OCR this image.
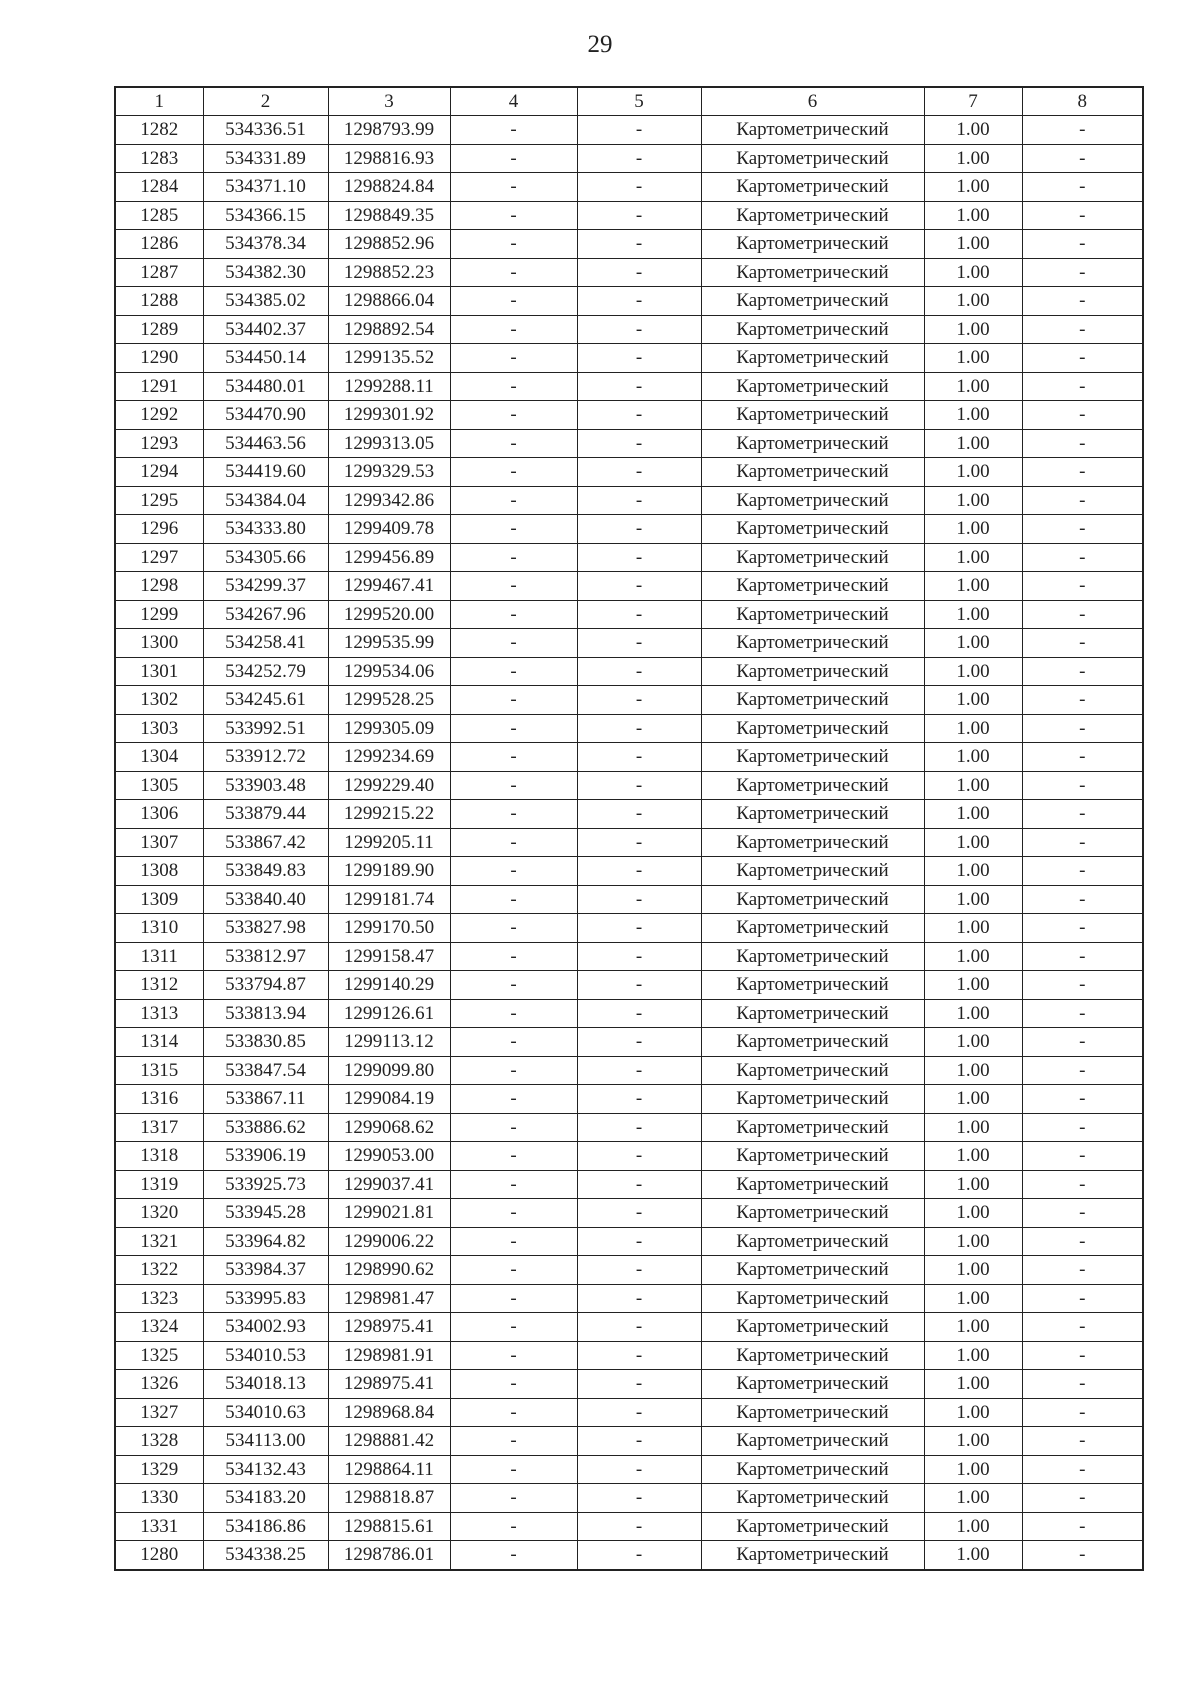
29
1	2	3	4	5	6	7	8
1282	534336.51	1298793.99	-	-	Картометрический	1.00	-
1283	534331.89	1298816.93	-	-	Картометрический	1.00	-
1284	534371.10	1298824.84	-	-	Картометрический	1.00	-
1285	534366.15	1298849.35	-	-	Картометрический	1.00	-
1286	534378.34	1298852.96	-	-	Картометрический	1.00	-
1287	534382.30	1298852.23	-	-	Картометрический	1.00	-
1288	534385.02	1298866.04	-	-	Картометрический	1.00	-
1289	534402.37	1298892.54	-	-	Картометрический	1.00	-
1290	534450.14	1299135.52	-	-	Картометрический	1.00	-
1291	534480.01	1299288.11	-	-	Картометрический	1.00	-
1292	534470.90	1299301.92	-	-	Картометрический	1.00	-
1293	534463.56	1299313.05	-	-	Картометрический	1.00	-
1294	534419.60	1299329.53	-	-	Картометрический	1.00	-
1295	534384.04	1299342.86	-	-	Картометрический	1.00	-
1296	534333.80	1299409.78	-	-	Картометрический	1.00	-
1297	534305.66	1299456.89	-	-	Картометрический	1.00	-
1298	534299.37	1299467.41	-	-	Картометрический	1.00	-
1299	534267.96	1299520.00	-	-	Картометрический	1.00	-
1300	534258.41	1299535.99	-	-	Картометрический	1.00	-
1301	534252.79	1299534.06	-	-	Картометрический	1.00	-
1302	534245.61	1299528.25	-	-	Картометрический	1.00	-
1303	533992.51	1299305.09	-	-	Картометрический	1.00	-
1304	533912.72	1299234.69	-	-	Картометрический	1.00	-
1305	533903.48	1299229.40	-	-	Картометрический	1.00	-
1306	533879.44	1299215.22	-	-	Картометрический	1.00	-
1307	533867.42	1299205.11	-	-	Картометрический	1.00	-
1308	533849.83	1299189.90	-	-	Картометрический	1.00	-
1309	533840.40	1299181.74	-	-	Картометрический	1.00	-
1310	533827.98	1299170.50	-	-	Картометрический	1.00	-
1311	533812.97	1299158.47	-	-	Картометрический	1.00	-
1312	533794.87	1299140.29	-	-	Картометрический	1.00	-
1313	533813.94	1299126.61	-	-	Картометрический	1.00	-
1314	533830.85	1299113.12	-	-	Картометрический	1.00	-
1315	533847.54	1299099.80	-	-	Картометрический	1.00	-
1316	533867.11	1299084.19	-	-	Картометрический	1.00	-
1317	533886.62	1299068.62	-	-	Картометрический	1.00	-
1318	533906.19	1299053.00	-	-	Картометрический	1.00	-
1319	533925.73	1299037.41	-	-	Картометрический	1.00	-
1320	533945.28	1299021.81	-	-	Картометрический	1.00	-
1321	533964.82	1299006.22	-	-	Картометрический	1.00	-
1322	533984.37	1298990.62	-	-	Картометрический	1.00	-
1323	533995.83	1298981.47	-	-	Картометрический	1.00	-
1324	534002.93	1298975.41	-	-	Картометрический	1.00	-
1325	534010.53	1298981.91	-	-	Картометрический	1.00	-
1326	534018.13	1298975.41	-	-	Картометрический	1.00	-
1327	534010.63	1298968.84	-	-	Картометрический	1.00	-
1328	534113.00	1298881.42	-	-	Картометрический	1.00	-
1329	534132.43	1298864.11	-	-	Картометрический	1.00	-
1330	534183.20	1298818.87	-	-	Картометрический	1.00	-
1331	534186.86	1298815.61	-	-	Картометрический	1.00	-
1280	534338.25	1298786.01	-	-	Картометрический	1.00	-
